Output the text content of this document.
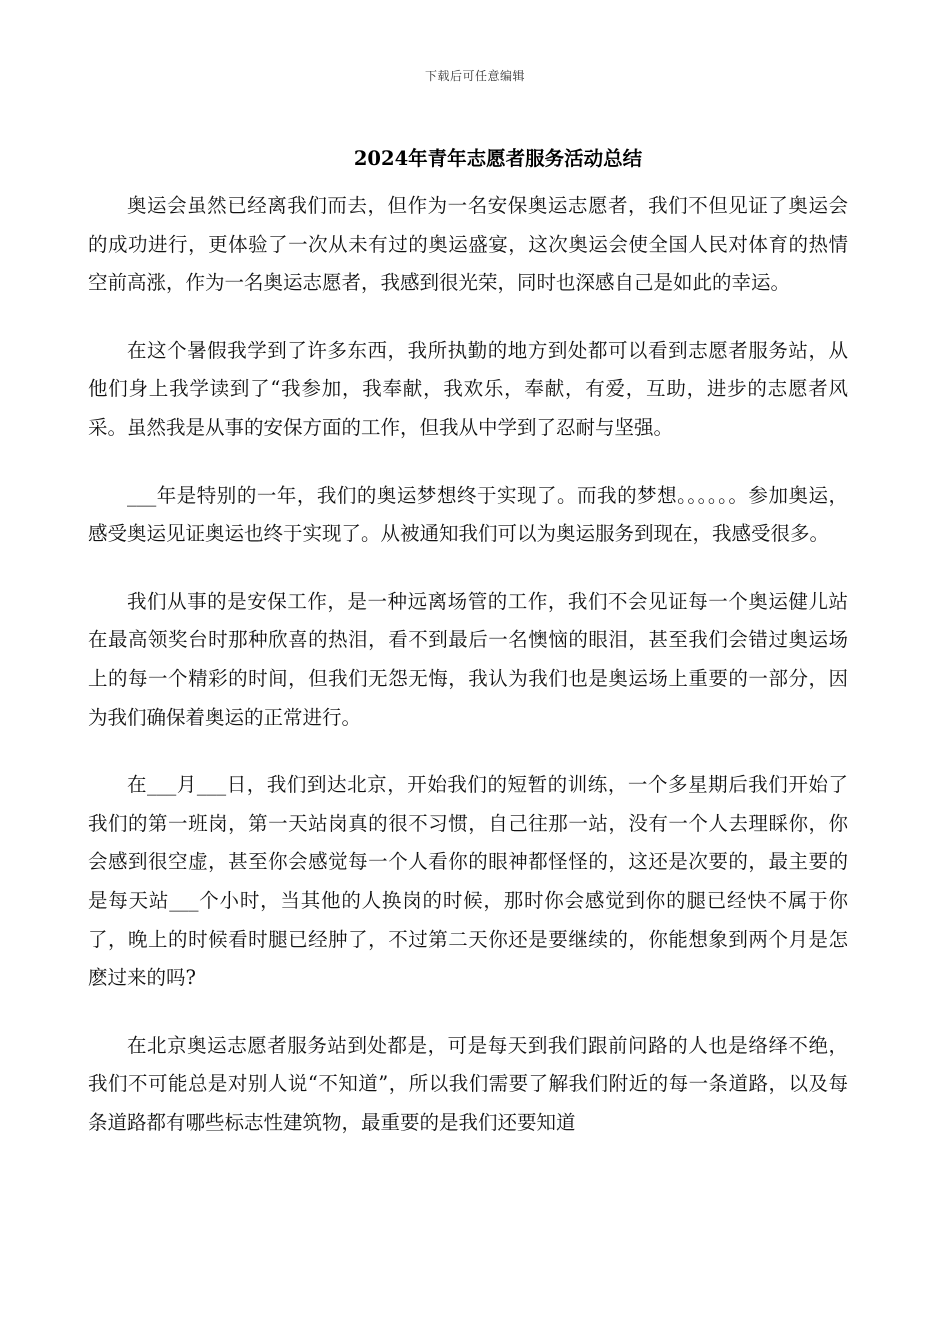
下载后可任意编辑
2024年青年志愿者服务活动总结

奥运会虽然已经离我们而去，但作为一名安保奥运志愿者，我们不但见证了奥运会的成功进行，更体验了一次从未有过的奥运盛宴，这次奥运会使全国人民对体育的热情空前高涨，作为一名奥运志愿者，我感到很光荣，同时也深感自己是如此的幸运。

在这个暑假我学到了许多东西，我所执勤的地方到处都可以看到志愿者服务站，从他们身上我学读到了“我参加，我奉献，我欢乐，奉献，有爱，互助，进步的志愿者风采。虽然我是从事的安保方面的工作，但我从中学到了忍耐与坚强。

___年是特别的一年，我们的奥运梦想终于实现了。而我的梦想。。。。。。参加奥运，感受奥运见证奥运也终于实现了。从被通知我们可以为奥运服务到现在，我感受很多。

我们从事的是安保工作，是一种远离场管的工作，我们不会见证每一个奥运健儿站在最高领奖台时那种欣喜的热泪，看不到最后一名懊恼的眼泪，甚至我们会错过奥运场上的每一个精彩的时间，但我们无怨无悔，我认为我们也是奥运场上重要的一部分，因为我们确保着奥运的正常进行。

在___月___日，我们到达北京，开始我们的短暂的训练，一个多星期后我们开始了我们的第一班岗，第一天站岗真的很不习惯，自己往那一站，没有一个人去理睬你，你会感到很空虚，甚至你会感觉每一个人看你的眼神都怪怪的，这还是次要的，最主要的是每天站___个小时，当其他的人换岗的时候，那时你会感觉到你的腿已经快不属于你了，晚上的时候看时腿已经肿了，不过第二天你还是要继续的，你能想象到两个月是怎麽过来的吗?

在北京奥运志愿者服务站到处都是，可是每天到我们跟前问路的人也是络绎不绝，我们不可能总是对别人说“不知道”，所以我们需要了解我们附近的每一条道路，以及每条道路都有哪些标志性建筑物，最重要的是我们还要知道
